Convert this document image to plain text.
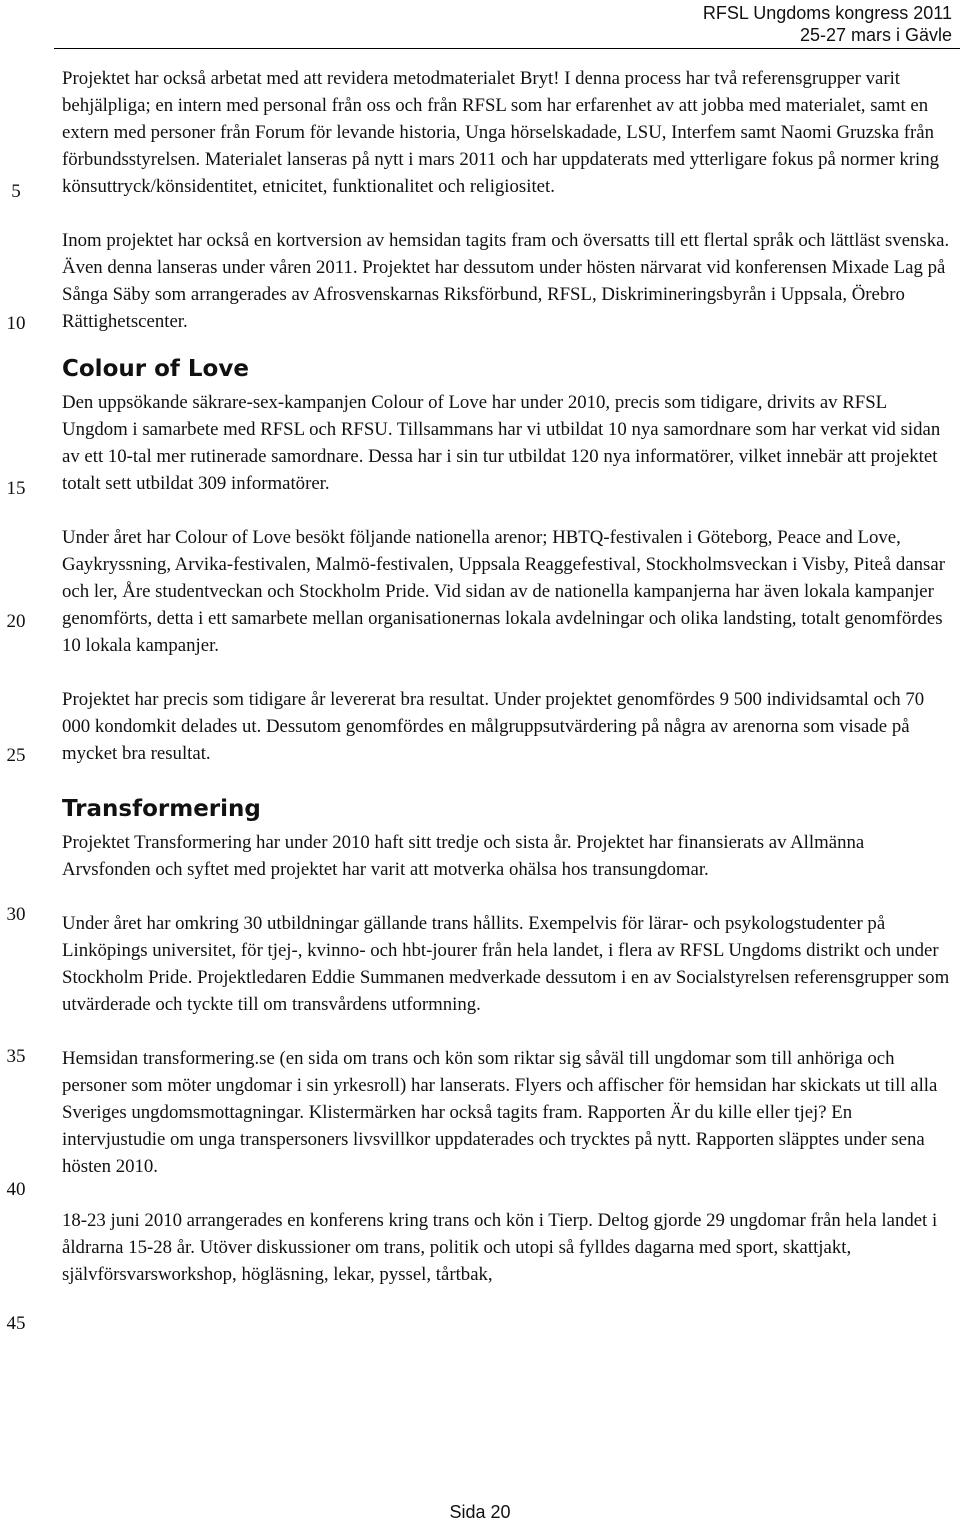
RFSL Ungdoms kongress 2011
25-27 mars i Gävle
5
10
15
20
25
30
35
40
45

Projektet har också arbetat med att revidera metodmaterialet Bryt! I denna process har två referensgrupper varit behjälpliga; en intern med personal från oss och från RFSL som har erfarenhet av att jobba med materialet, samt en extern med personer från Forum för levande historia, Unga hörselskadade, LSU, Interfem samt Naomi Gruzska från förbundsstyrelsen. Materialet lanseras på nytt i mars 2011 och har uppdaterats med ytterligare fokus på normer kring könsuttryck/könsidentitet, etnicitet, funktionalitet och religiositet.

Inom projektet har också en kortversion av hemsidan tagits fram och översatts till ett flertal språk och lättläst svenska. Även denna lanseras under våren 2011. Projektet har dessutom under hösten närvarat vid konferensen Mixade Lag på Sånga Säby som arrangerades av Afrosvenskarnas Riksförbund, RFSL, Diskrimineringsbyrån i Uppsala, Örebro Rättighetscenter.

Colour of Love

Den uppsökande säkrare-sex-kampanjen Colour of Love har under 2010, precis som tidigare, drivits av RFSL Ungdom i samarbete med RFSL och RFSU. Tillsammans har vi utbildat 10 nya samordnare som har verkat vid sidan av ett 10-tal mer rutinerade samordnare. Dessa har i sin tur utbildat 120 nya informatörer, vilket innebär att projektet totalt sett utbildat 309 informatörer.

Under året har Colour of Love besökt följande nationella arenor; HBTQ-festivalen i Göteborg, Peace and Love, Gaykryssning, Arvika-festivalen, Malmö-festivalen, Uppsala Reaggefestival, Stockholmsveckan i Visby, Piteå dansar och ler, Åre studentveckan och Stockholm Pride. Vid sidan av de nationella kampanjerna har även lokala kampanjer genomförts, detta i ett samarbete mellan organisationernas lokala avdelningar och olika landsting, totalt genomfördes 10 lokala kampanjer.

Projektet har precis som tidigare år levererat bra resultat. Under projektet genomfördes 9 500 individsamtal och 70 000 kondomkit delades ut. Dessutom genomfördes en målgruppsutvärdering på några av arenorna som visade på mycket bra resultat.

Transformering

Projektet Transformering har under 2010 haft sitt tredje och sista år. Projektet har finansierats av Allmänna Arvsfonden och syftet med projektet har varit att motverka ohälsa hos transungdomar.

Under året har omkring 30 utbildningar gällande trans hållits. Exempelvis för lärar- och psykologstudenter på Linköpings universitet, för tjej-, kvinno- och hbt-jourer från hela landet, i flera av RFSL Ungdoms distrikt och under Stockholm Pride. Projektledaren Eddie Summanen medverkade dessutom i en av Socialstyrelsen referensgrupper som utvärderade och tyckte till om transvårdens utformning.

Hemsidan transformering.se (en sida om trans och kön som riktar sig såväl till ungdomar som till anhöriga och personer som möter ungdomar i sin yrkesroll) har lanserats. Flyers och affischer för hemsidan har skickats ut till alla Sveriges ungdomsmottagningar. Klistermärken har också tagits fram. Rapporten Är du kille eller tjej? En intervjustudie om unga transpersoners livsvillkor uppdaterades och trycktes på nytt. Rapporten släpptes under sena hösten 2010.

18-23 juni 2010 arrangerades en konferens kring trans och kön i Tierp. Deltog gjorde 29 ungdomar från hela landet i åldrarna 15-28 år. Utöver diskussioner om trans, politik och utopi så fylldes dagarna med sport, skattjakt, självförsvarsworkshop, högläsning, lekar, pyssel, tårtbak,

Sida 20
